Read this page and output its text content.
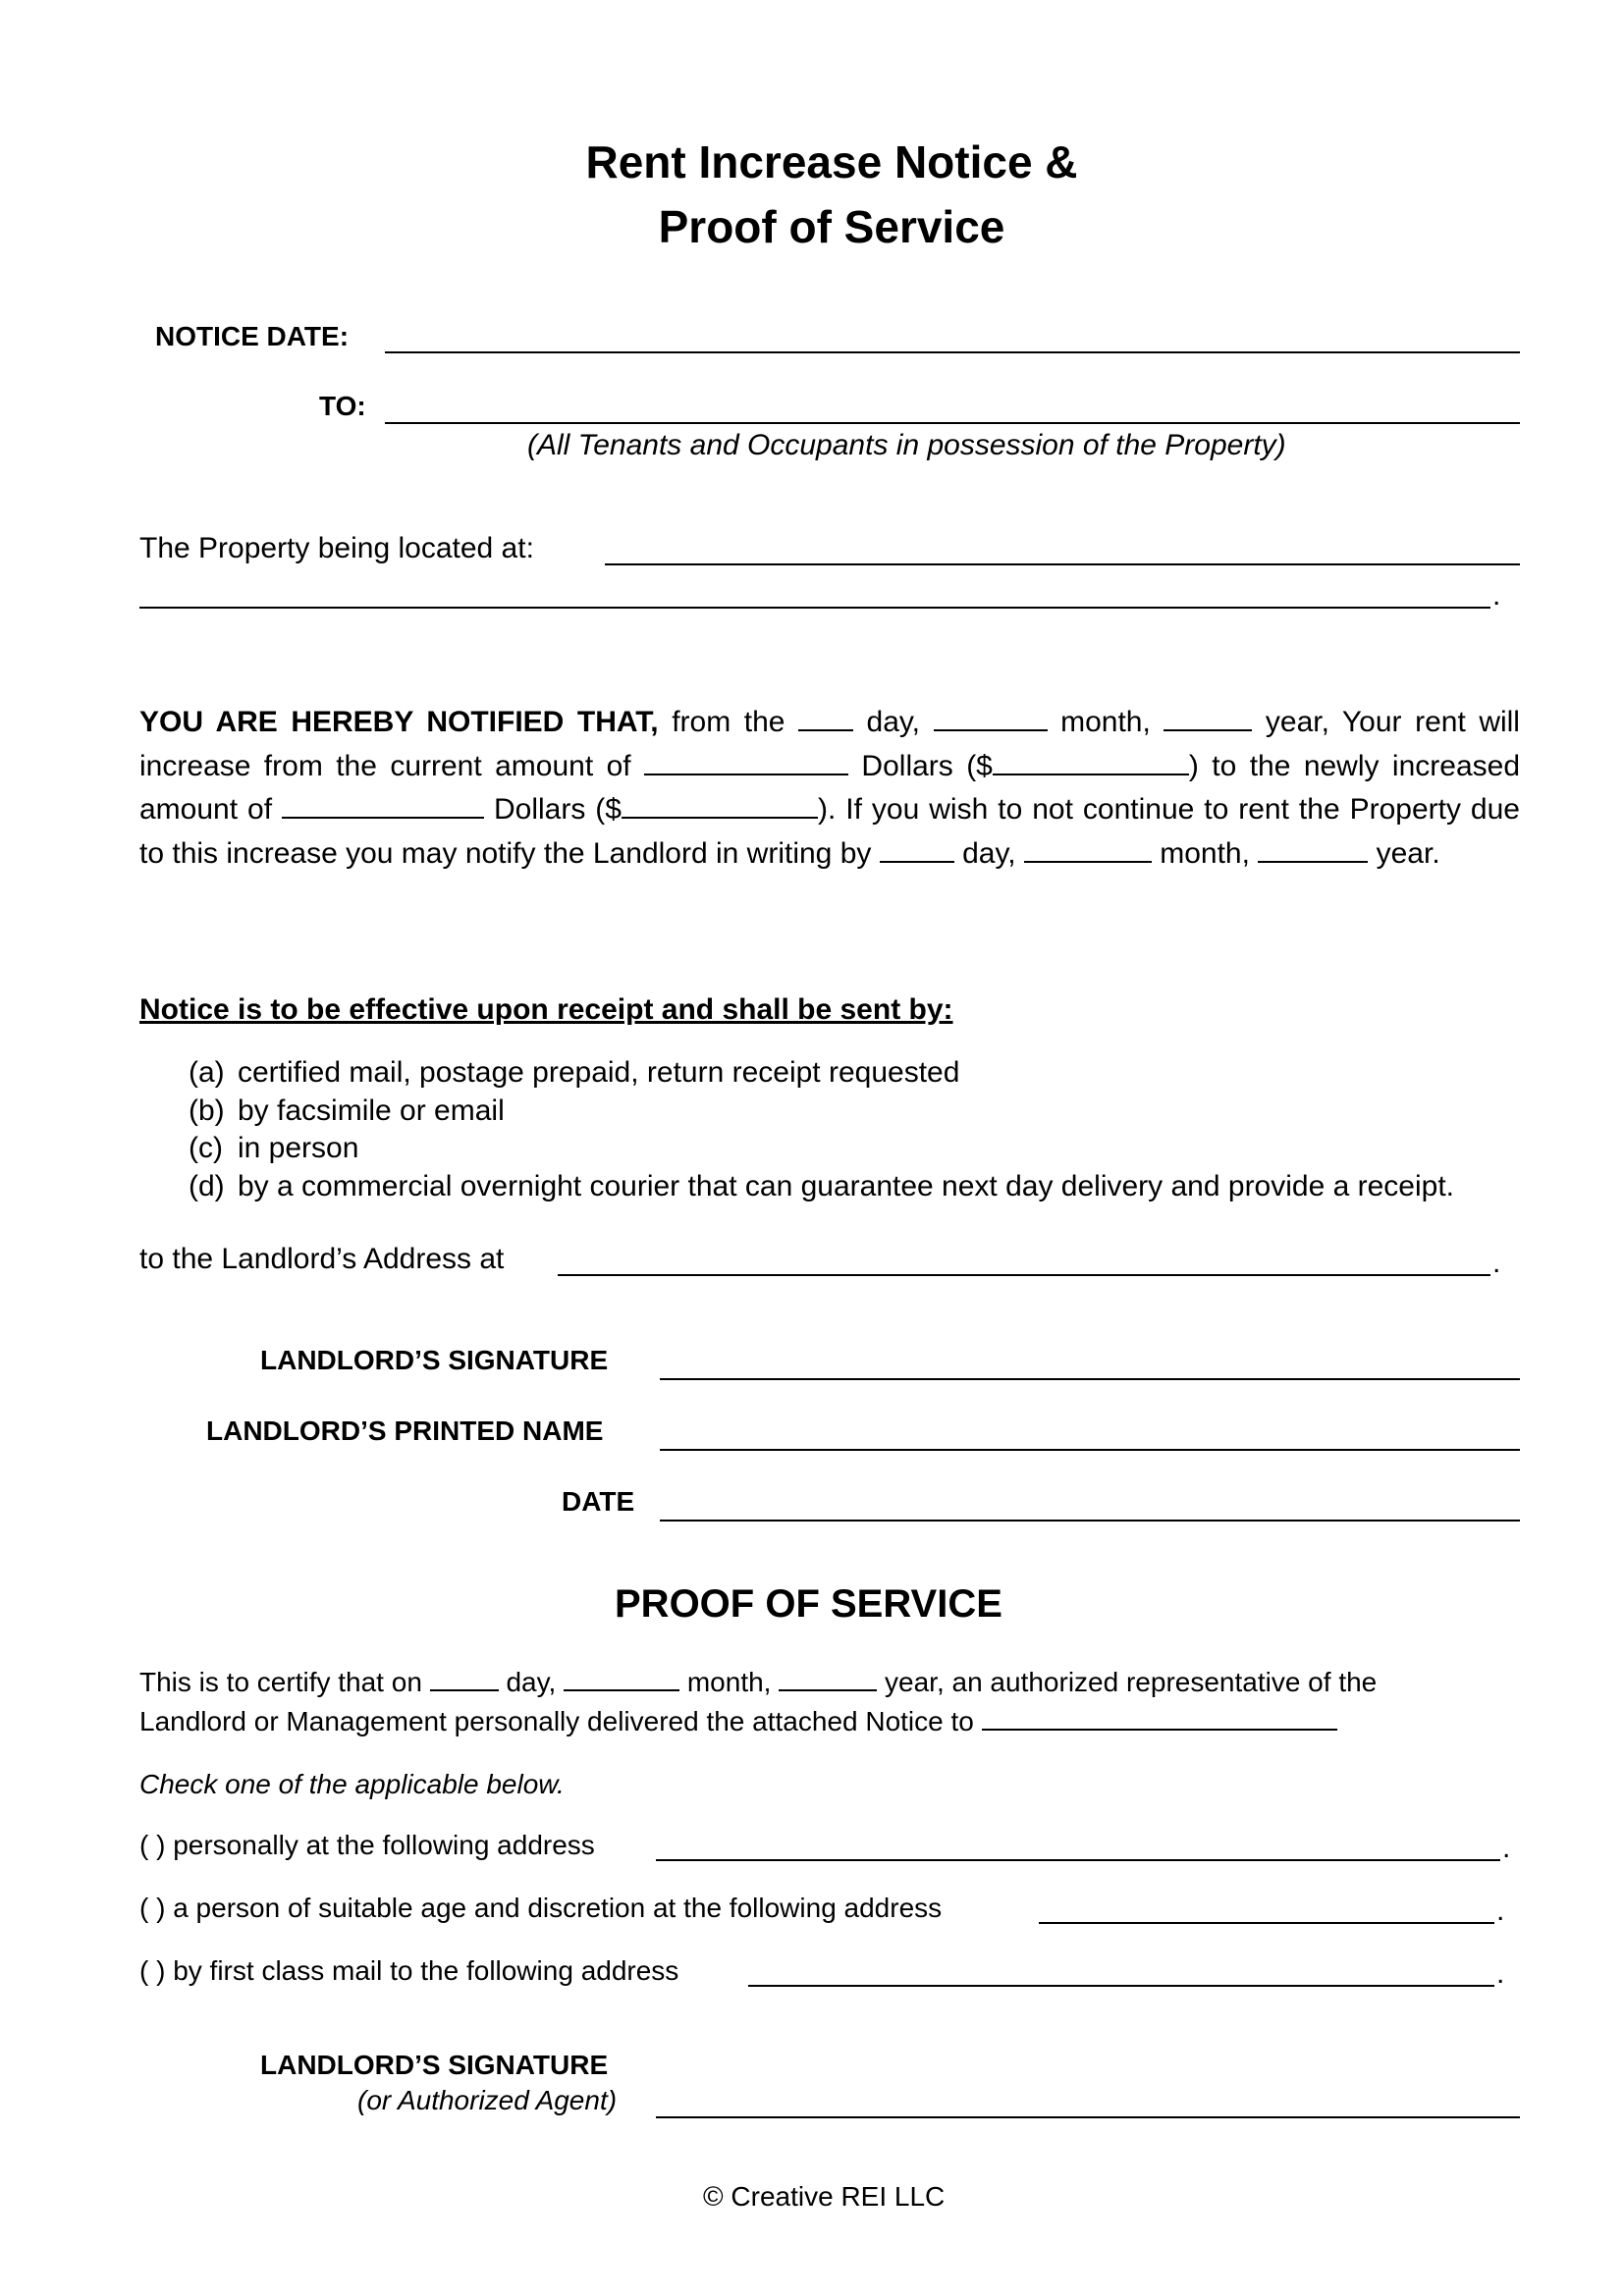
Rent Increase Notice &
Proof of Service
NOTICE DATE:
TO:
(All Tenants and Occupants in possession of the Property)
The Property being located at:
.

YOU ARE HEREBY NOTIFIED THAT, from the  day,	month,	year, Your rent will increase from the current amount of	Dollars ($	) to the newly increased amount of	Dollars ($	). If you wish to not continue to rent the Property due to this increase you may notify the Landlord in writing by	day,	month,	year.

Notice is to be effective upon receipt and shall be sent by:
(a) certified mail, postage prepaid, return receipt requested
(b) by facsimile or email
(c) in person
(d) by a commercial overnight courier that can guarantee next day delivery and provide a receipt.
to the Landlord’s Address at	.
LANDLORD’S SIGNATURE
LANDLORD’S PRINTED NAME
DATE
PROOF OF SERVICE
This is to certify that on	day,	month,	year, an authorized representative of the
Landlord or Management personally delivered the attached Notice to
Check one of the applicable below.
( ) personally at the following address	.
( ) a person of suitable age and discretion at the following address	.
( ) by first class mail to the following address	.
LANDLORD’S SIGNATURE
(or Authorized Agent)
© Creative REI LLC
